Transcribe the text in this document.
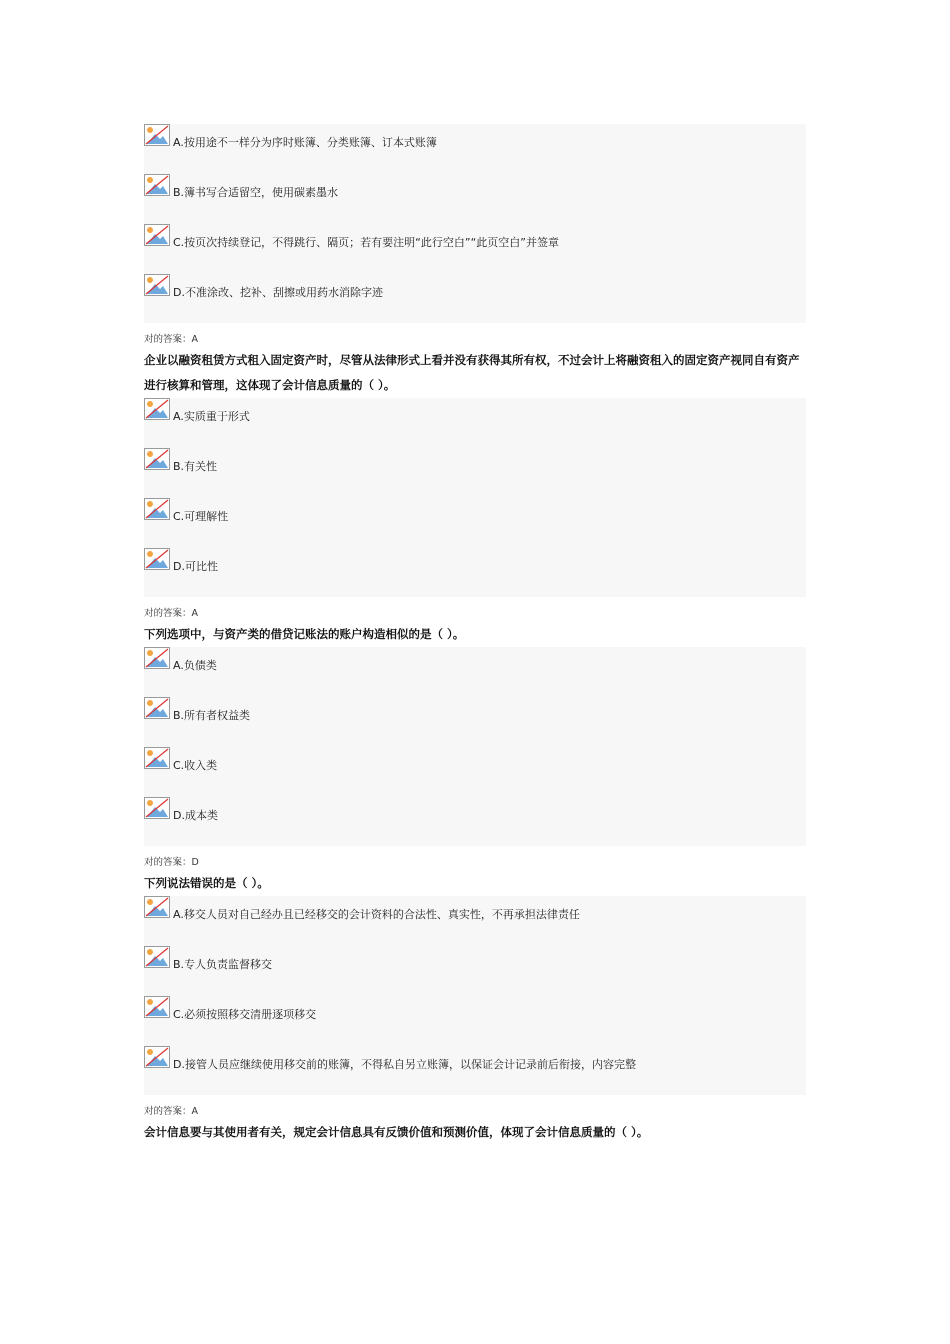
A.按用途不一样分为序时账簿、分类账簿、订本式账簿
B.簿书写合适留空，使用碳素墨水
C.按页次持续登记，不得跳行、隔页；若有要注明“此行空白”“此页空白”并签章
D.不准涂改、挖补、刮擦或用药水消除字迹
对的答案：A
企业以融资租赁方式租入固定资产时，尽管从法律形式上看并没有获得其所有权，不过会计上将融资租入的固定资产视同自有资产进行核算和管理，这体现了会计信息质量的（ ）。
A.实质重于形式
B.有关性
C.可理解性
D.可比性
对的答案：A
下列选项中，与资产类的借贷记账法的账户构造相似的是（ ）。
A.负债类
B.所有者权益类
C.收入类
D.成本类
对的答案：D
下列说法错误的是（ ）。
A.移交人员对自己经办且已经移交的会计资料的合法性、真实性，不再承担法律责任
B.专人负责监督移交
C.必须按照移交清册逐项移交
D.接管人员应继续使用移交前的账簿，不得私自另立账簿，以保证会计记录前后衔接，内容完整
对的答案：A
会计信息要与其使用者有关，规定会计信息具有反馈价值和预测价值，体现了会计信息质量的（ ）。
